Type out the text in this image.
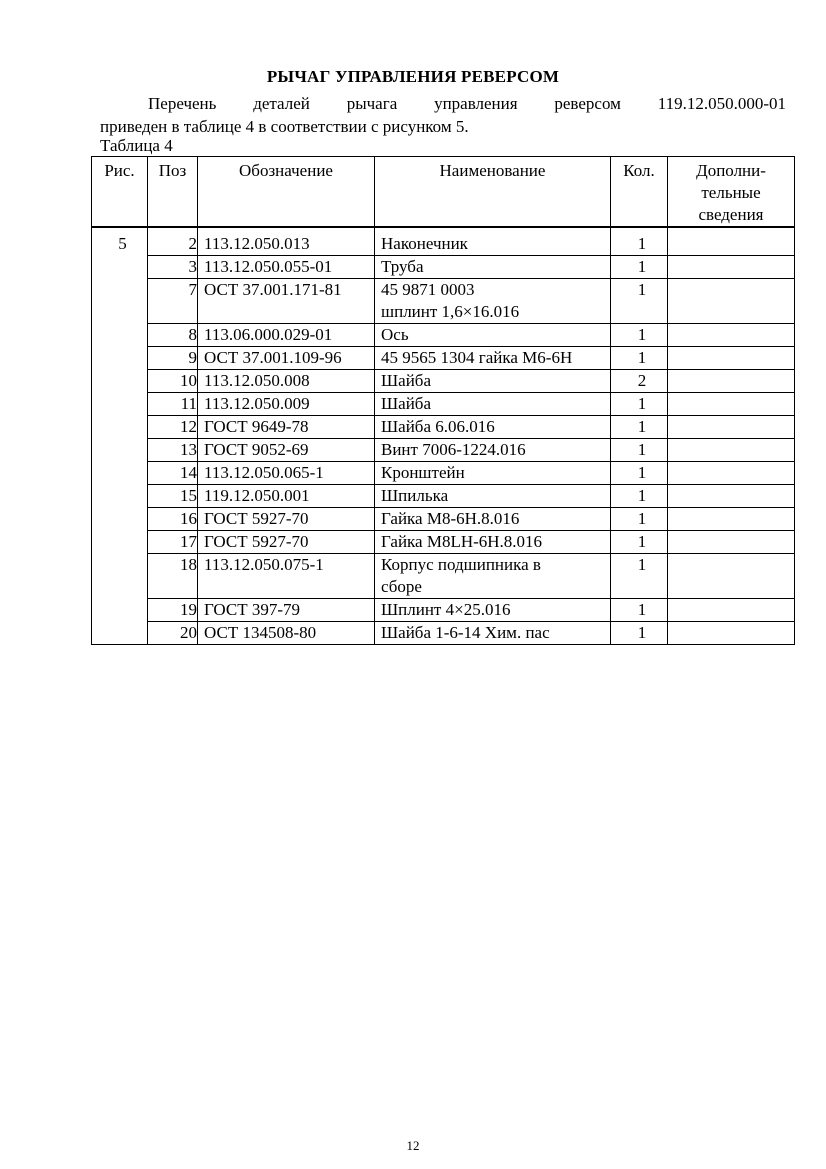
РЫЧАГ УПРАВЛЕНИЯ РЕВЕРСОМ
Перечень деталей рычага управления реверсом 119.12.050.000-01
приведен в таблице 4 в соответствии с рисунком 5.
Таблица 4
Рис.	Поз	Обозначение	Наименование	Кол.	Дополни-
тельные
сведения

5	2	113.12.050.013	Наконечник	1	
	3	113.12.050.055-01	Труба	1	
	7	ОСТ 37.001.171-81	45 9871 0003
шплинт 1,6×16.016	1	
	8	113.06.000.029-01	Ось	1	
	9	ОСТ 37.001.109-96	45 9565 1304 гайка М6-6Н	1	
	10	113.12.050.008	Шайба	2	
	11	113.12.050.009	Шайба	1	
	12	ГОСТ 9649-78	Шайба 6.06.016	1	
	13	ГОСТ 9052-69	Винт 7006-1224.016	1	
	14	113.12.050.065-1	Кронштейн	1	
	15	119.12.050.001	Шпилька	1	
	16	ГОСТ 5927-70	Гайка М8-6Н.8.016	1	
	17	ГОСТ 5927-70	Гайка М8LН-6Н.8.016	1	
	18	113.12.050.075-1	Корпус подшипника в
сборе	1	
	19	ГОСТ 397-79	Шплинт 4×25.016	1	
	20	ОСТ 134508-80	Шайба 1-6-14 Хим. пас	1	
12
